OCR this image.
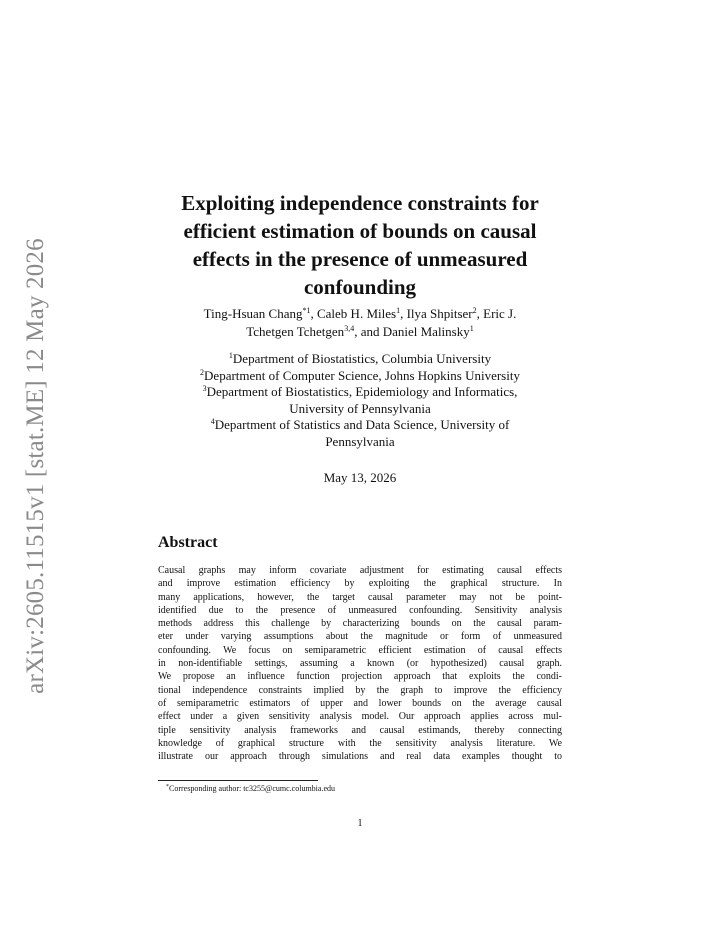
arXiv:2605.11515v1 [stat.ME] 12 May 2026
Exploiting independence constraints for
efficient estimation of bounds on causal
effects in the presence of unmeasured
confounding
Ting-Hsuan Chang$^{*1}$, Caleb H. Miles$^1$, Ilya Shpitser$^2$, Eric J.
Tchetgen Tchetgen$^{3,4}$, and Daniel Malinsky$^1$
$^1$Department of Biostatistics, Columbia University
$^2$Department of Computer Science, Johns Hopkins University
$^3$Department of Biostatistics, Epidemiology and Informatics,
University of Pennsylvania
$^4$Department of Statistics and Data Science, University of
Pennsylvania
May 13, 2026
Abstract
Causal graphs may inform covariate adjustment for estimating causal effects
and improve estimation efficiency by exploiting the graphical structure. In
many applications, however, the target causal parameter may not be point-
identified due to the presence of unmeasured confounding. Sensitivity analysis
methods address this challenge by characterizing bounds on the causal param-
eter under varying assumptions about the magnitude or form of unmeasured
confounding. We focus on semiparametric efficient estimation of causal effects
in non-identifiable settings, assuming a known (or hypothesized) causal graph.
We propose an influence function projection approach that exploits the condi-
tional independence constraints implied by the graph to improve the efficiency
of semiparametric estimators of upper and lower bounds on the average causal
effect under a given sensitivity analysis model. Our approach applies across mul-
tiple sensitivity analysis frameworks and causal estimands, thereby connecting
knowledge of graphical structure with the sensitivity analysis literature. We
illustrate our approach through simulations and real data examples thought to
*Corresponding author: tc3255@cumc.columbia.edu
1
